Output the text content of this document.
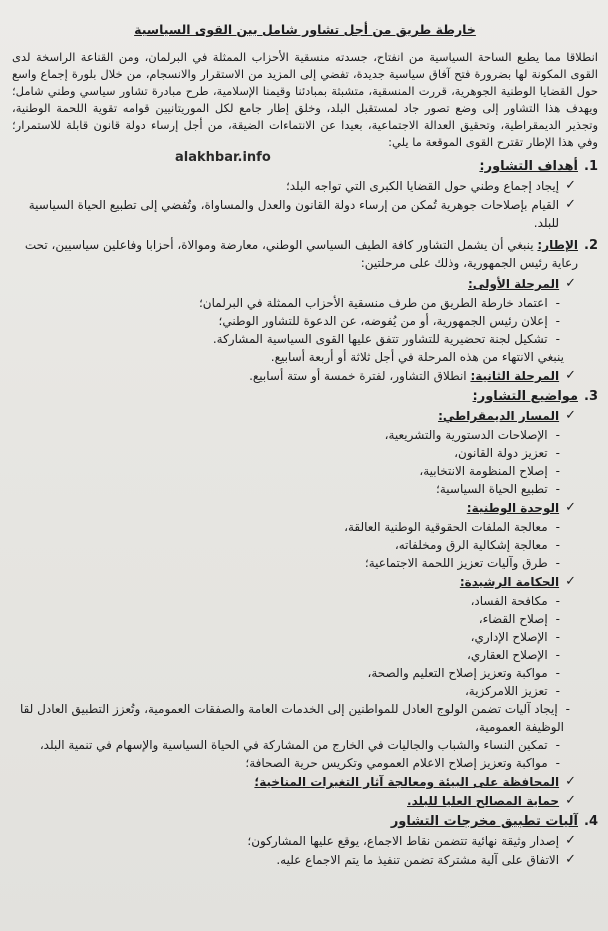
خارطة طريق من أجل تشاور شامل بين القوى السياسية

انطلاقا مما يطبع الساحة السياسية من انفتاح، جسدته منسقية الأحزاب الممثلة في البرلمان، ومن القناعة الراسخة لدى القوى المكونة لها بضرورة فتح آفاق سياسية جديدة، تفضي إلى المزيد من الاستقرار والانسجام، من خلال بلورة إجماع واسع حول القضايا الوطنية الجوهرية، قررت المنسقية، متشبثة بمبادئنا وقيمنا الإسلامية، طرح مبادرة تشاور سياسي وطني شامل؛ ويهدف هذا التشاور إلى وضع تصور جاد لمستقبل البلد، وخلق إطار جامع لكل الموريتانيين قوامه تقوية اللحمة الوطنية، وتجذير الديمقراطية، وتحقيق العدالة الاجتماعية، بعيدا عن الانتماءات الضيقة، من أجل إرساء دولة قانون قابلة للاستمرار؛ وفي هذا الإطار تقترح القوى الموقعة ما يلي:

alakhbar.info
1.
أهداف التشاور:
✓
إيجاد إجماع وطني حول القضايا الكبرى التي تواجه البلد؛
✓
القيام بإصلاحات جوهرية تُمكن من إرساء دولة القانون والعدل والمساواة، وتُفضي إلى تطبيع الحياة السياسية للبلد.
2.
الإطار: ينبغي أن يشمل التشاور كافة الطيف السياسي الوطني، معارضة وموالاة، أحزابا وفاعلين سياسيين، تحت رعاية رئيس الجمهورية، وذلك على مرحلتين:
✓
المرحلة الأولى:
-
اعتماد خارطة الطريق من طرف منسقية الأحزاب الممثلة في البرلمان؛
-
إعلان رئيس الجمهورية، أو من يُفوضه، عن الدعوة للتشاور الوطني؛
-
تشكيل لجنة تحضيرية للتشاور تتفق عليها القوى السياسية المشاركة.
ينبغي الانتهاء من هذه المرحلة في أجل ثلاثة أو أربعة أسابيع.
✓
المرحلة الثانية: انطلاق التشاور، لفترة خمسة أو ستة أسابيع.
3.
مواضيع التشاور:
✓
المسار الديمقراطي:
-
الإصلاحات الدستورية والتشريعية،
-
تعزيز دولة القانون،
-
إصلاح المنظومة الانتخابية،
-
تطبيع الحياة السياسية؛
✓
الوحدة الوطنية:
-
معالجة الملفات الحقوقية الوطنية العالقة،
-
معالجة إشكالية الرق ومخلفاته،
-
طرق وآليات تعزيز اللحمة الاجتماعية؛
✓
الحكامة الرشيدة:
-
مكافحة الفساد،
-
إصلاح القضاء،
-
الإصلاح الإداري،
-
الإصلاح العقاري،
-
مواكبة وتعزيز إصلاح التعليم والصحة،
-
تعزيز اللامركزية،
-
إيجاد آليات تضمن الولوج العادل للمواطنين إلى الخدمات العامة والصفقات العمومية، وتُعزز التطبيق العادل لقا
الوظيفة العمومية،
-
تمكين النساء والشباب والجاليات في الخارج من المشاركة في الحياة السياسية والإسهام في تنمية البلد،
-
مواكبة وتعزيز إصلاح الاعلام العمومي وتكريس حرية الصحافة؛
✓
المحافظة على البيئة ومعالجة آثار التغيرات المناخية؛
✓
حماية المصالح العليا للبلد.
4.
آليات تطبيق مخرجات التشاور
✓
إصدار وثيقة نهائية تتضمن نقاط الاجماع، يوقع عليها المشاركون؛
✓
الاتفاق على آلية مشتركة تضمن تنفيذ ما يتم الاجماع عليه.
